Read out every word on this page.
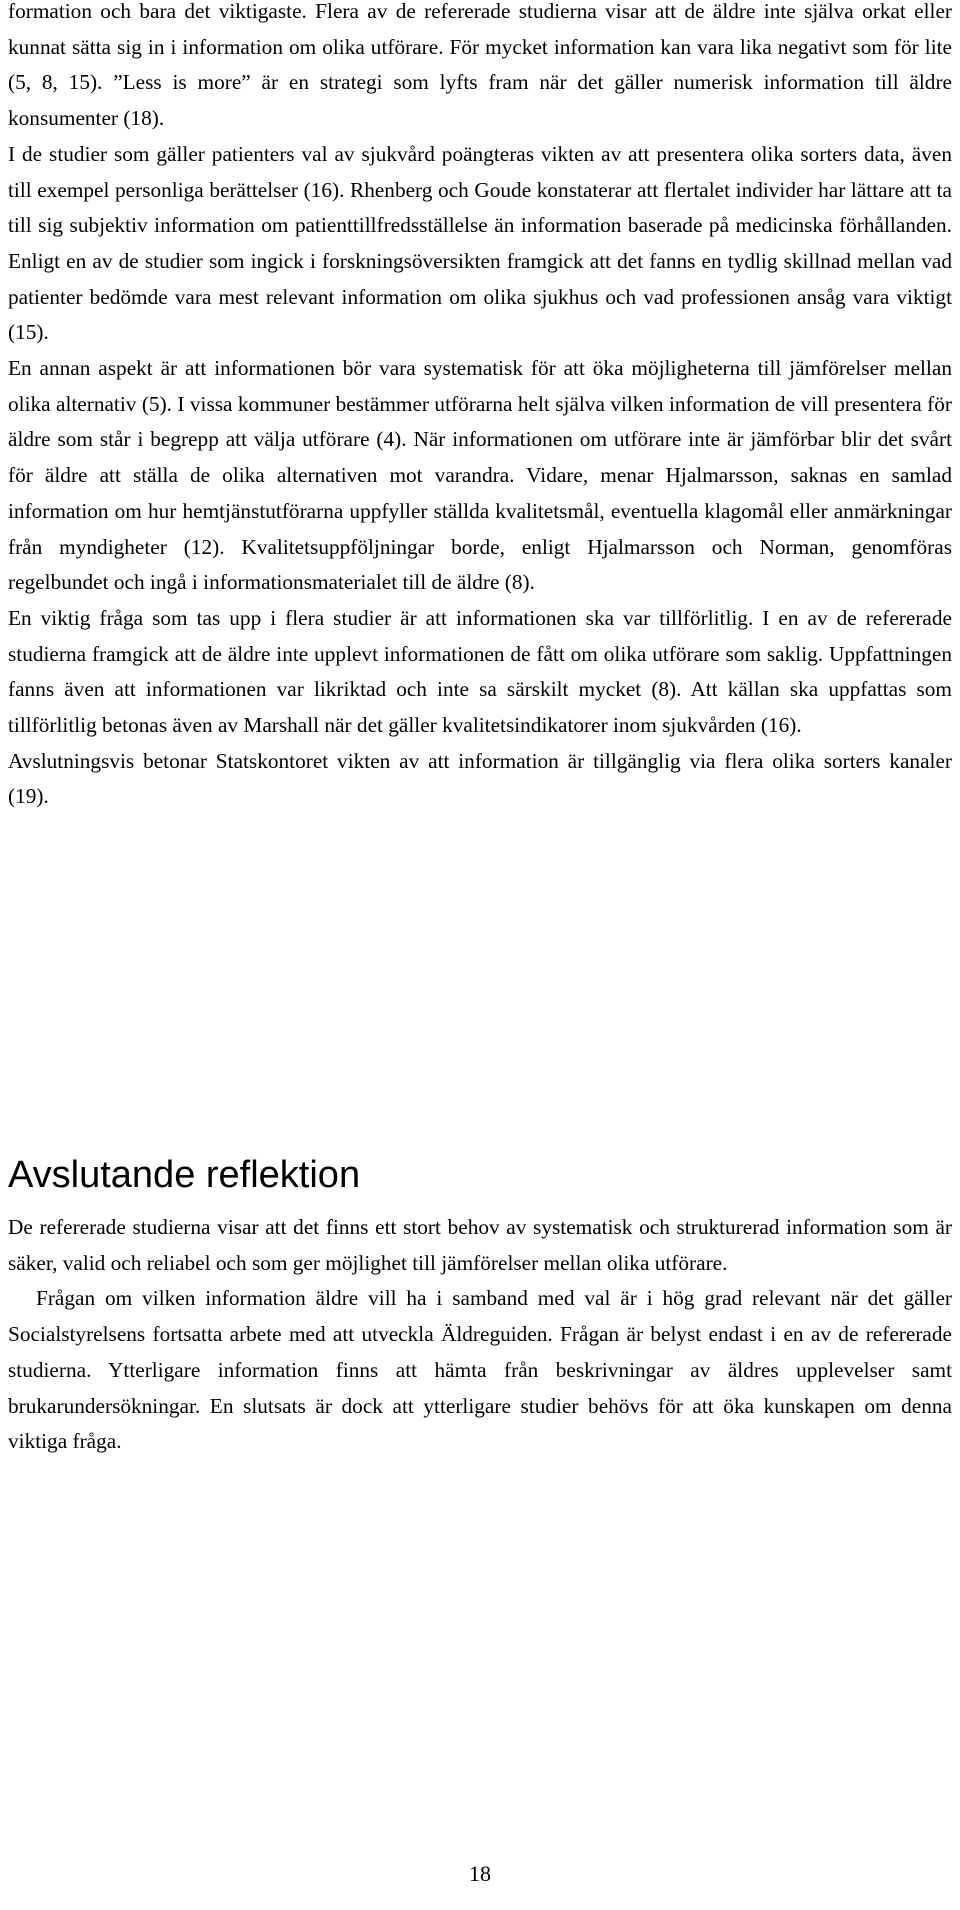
formation och bara det viktigaste. Flera av de refererade studierna visar att de äldre inte själva orkat eller kunnat sätta sig in i information om olika utförare. För mycket information kan vara lika negativt som för lite (5, 8, 15). ”Less is more” är en strategi som lyfts fram när det gäller numerisk information till äldre konsumenter (18).

I de studier som gäller patienters val av sjukvård poängteras vikten av att presentera olika sorters data, även till exempel personliga berättelser (16). Rhenberg och Goude konstaterar att flertalet individer har lättare att ta till sig subjektiv information om patienttillfredsställelse än information baserade på medicinska förhållanden. Enligt en av de studier som ingick i forskningsöversikten framgick att det fanns en tydlig skillnad mellan vad patienter bedömde vara mest relevant information om olika sjukhus och vad professionen ansåg vara viktigt (15).

En annan aspekt är att informationen bör vara systematisk för att öka möjligheterna till jämförelser mellan olika alternativ (5). I vissa kommuner bestämmer utförarna helt själva vilken information de vill presentera för äldre som står i begrepp att välja utförare (4). När informationen om utförare inte är jämförbar blir det svårt för äldre att ställa de olika alternativen mot varandra. Vidare, menar Hjalmarsson, saknas en samlad information om hur hemtjänstutförarna uppfyller ställda kvalitetsmål, eventuella klagomål eller anmärkningar från myndigheter (12). Kvalitetsuppföljningar borde, enligt Hjalmarsson och Norman, genomföras regelbundet och ingå i informationsmaterialet till de äldre (8).

En viktig fråga som tas upp i flera studier är att informationen ska var tillförlitlig. I en av de refererade studierna framgick att de äldre inte upplevt informationen de fått om olika utförare som saklig. Uppfattningen fanns även att informationen var likriktad och inte sa särskilt mycket (8). Att källan ska uppfattas som tillförlitlig betonas även av Marshall när det gäller kvalitetsindikatorer inom sjukvården (16).

Avslutningsvis betonar Statskontoret vikten av att information är tillgänglig via flera olika sorters kanaler (19).

Avslutande reflektion

De refererade studierna visar att det finns ett stort behov av systematisk och strukturerad information som är säker, valid och reliabel och som ger möjlighet till jämförelser mellan olika utförare.

Frågan om vilken information äldre vill ha i samband med val är i hög grad relevant när det gäller Socialstyrelsens fortsatta arbete med att utveckla Äldreguiden. Frågan är belyst endast i en av de refererade studierna. Ytterligare information finns att hämta från beskrivningar av äldres upplevelser samt brukarundersökningar. En slutsats är dock att ytterligare studier behövs för att öka kunskapen om denna viktiga fråga.

18
